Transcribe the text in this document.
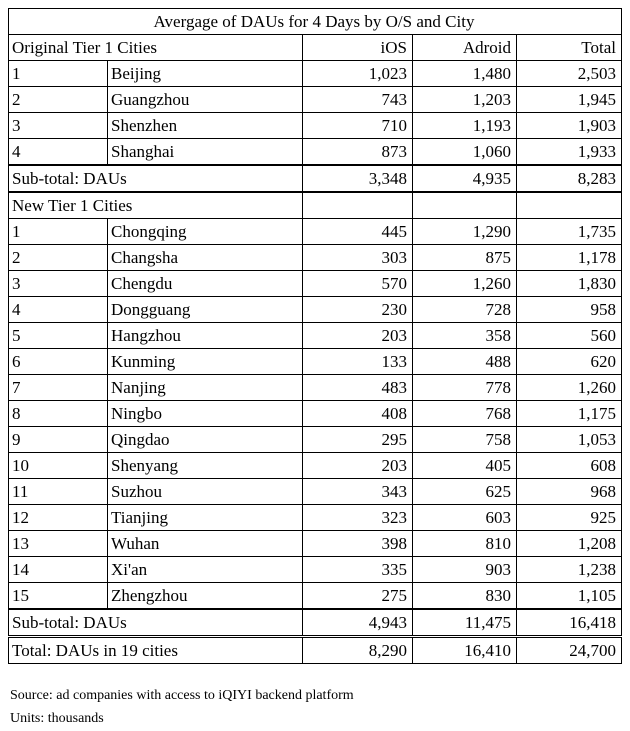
Avergage of DAUs for 4 Days by O/S and City				
Original Tier 1 Cities		iOS	Adroid	Total
1	Beijing	1,023	1,480	2,503
2	Guangzhou	743	1,203	1,945
3	Shenzhen	710	1,193	1,903
4	Shanghai	873	1,060	1,933
Sub-total: DAUs		3,348	4,935	8,283
New Tier 1 Cities				
1	Chongqing	445	1,290	1,735
2	Changsha	303	875	1,178
3	Chengdu	570	1,260	1,830
4	Dongguang	230	728	958
5	Hangzhou	203	358	560
6	Kunming	133	488	620
7	Nanjing	483	778	1,260
8	Ningbo	408	768	1,175
9	Qingdao	295	758	1,053
10	Shenyang	203	405	608
11	Suzhou	343	625	968
12	Tianjing	323	603	925
13	Wuhan	398	810	1,208
14	Xi'an	335	903	1,238
15	Zhengzhou	275	830	1,105
Sub-total: DAUs		4,943	11,475	16,418
Total: DAUs in 19 cities		8,290	16,410	24,700
Source: ad companies with access to iQIYI backend platform
Units: thousands
